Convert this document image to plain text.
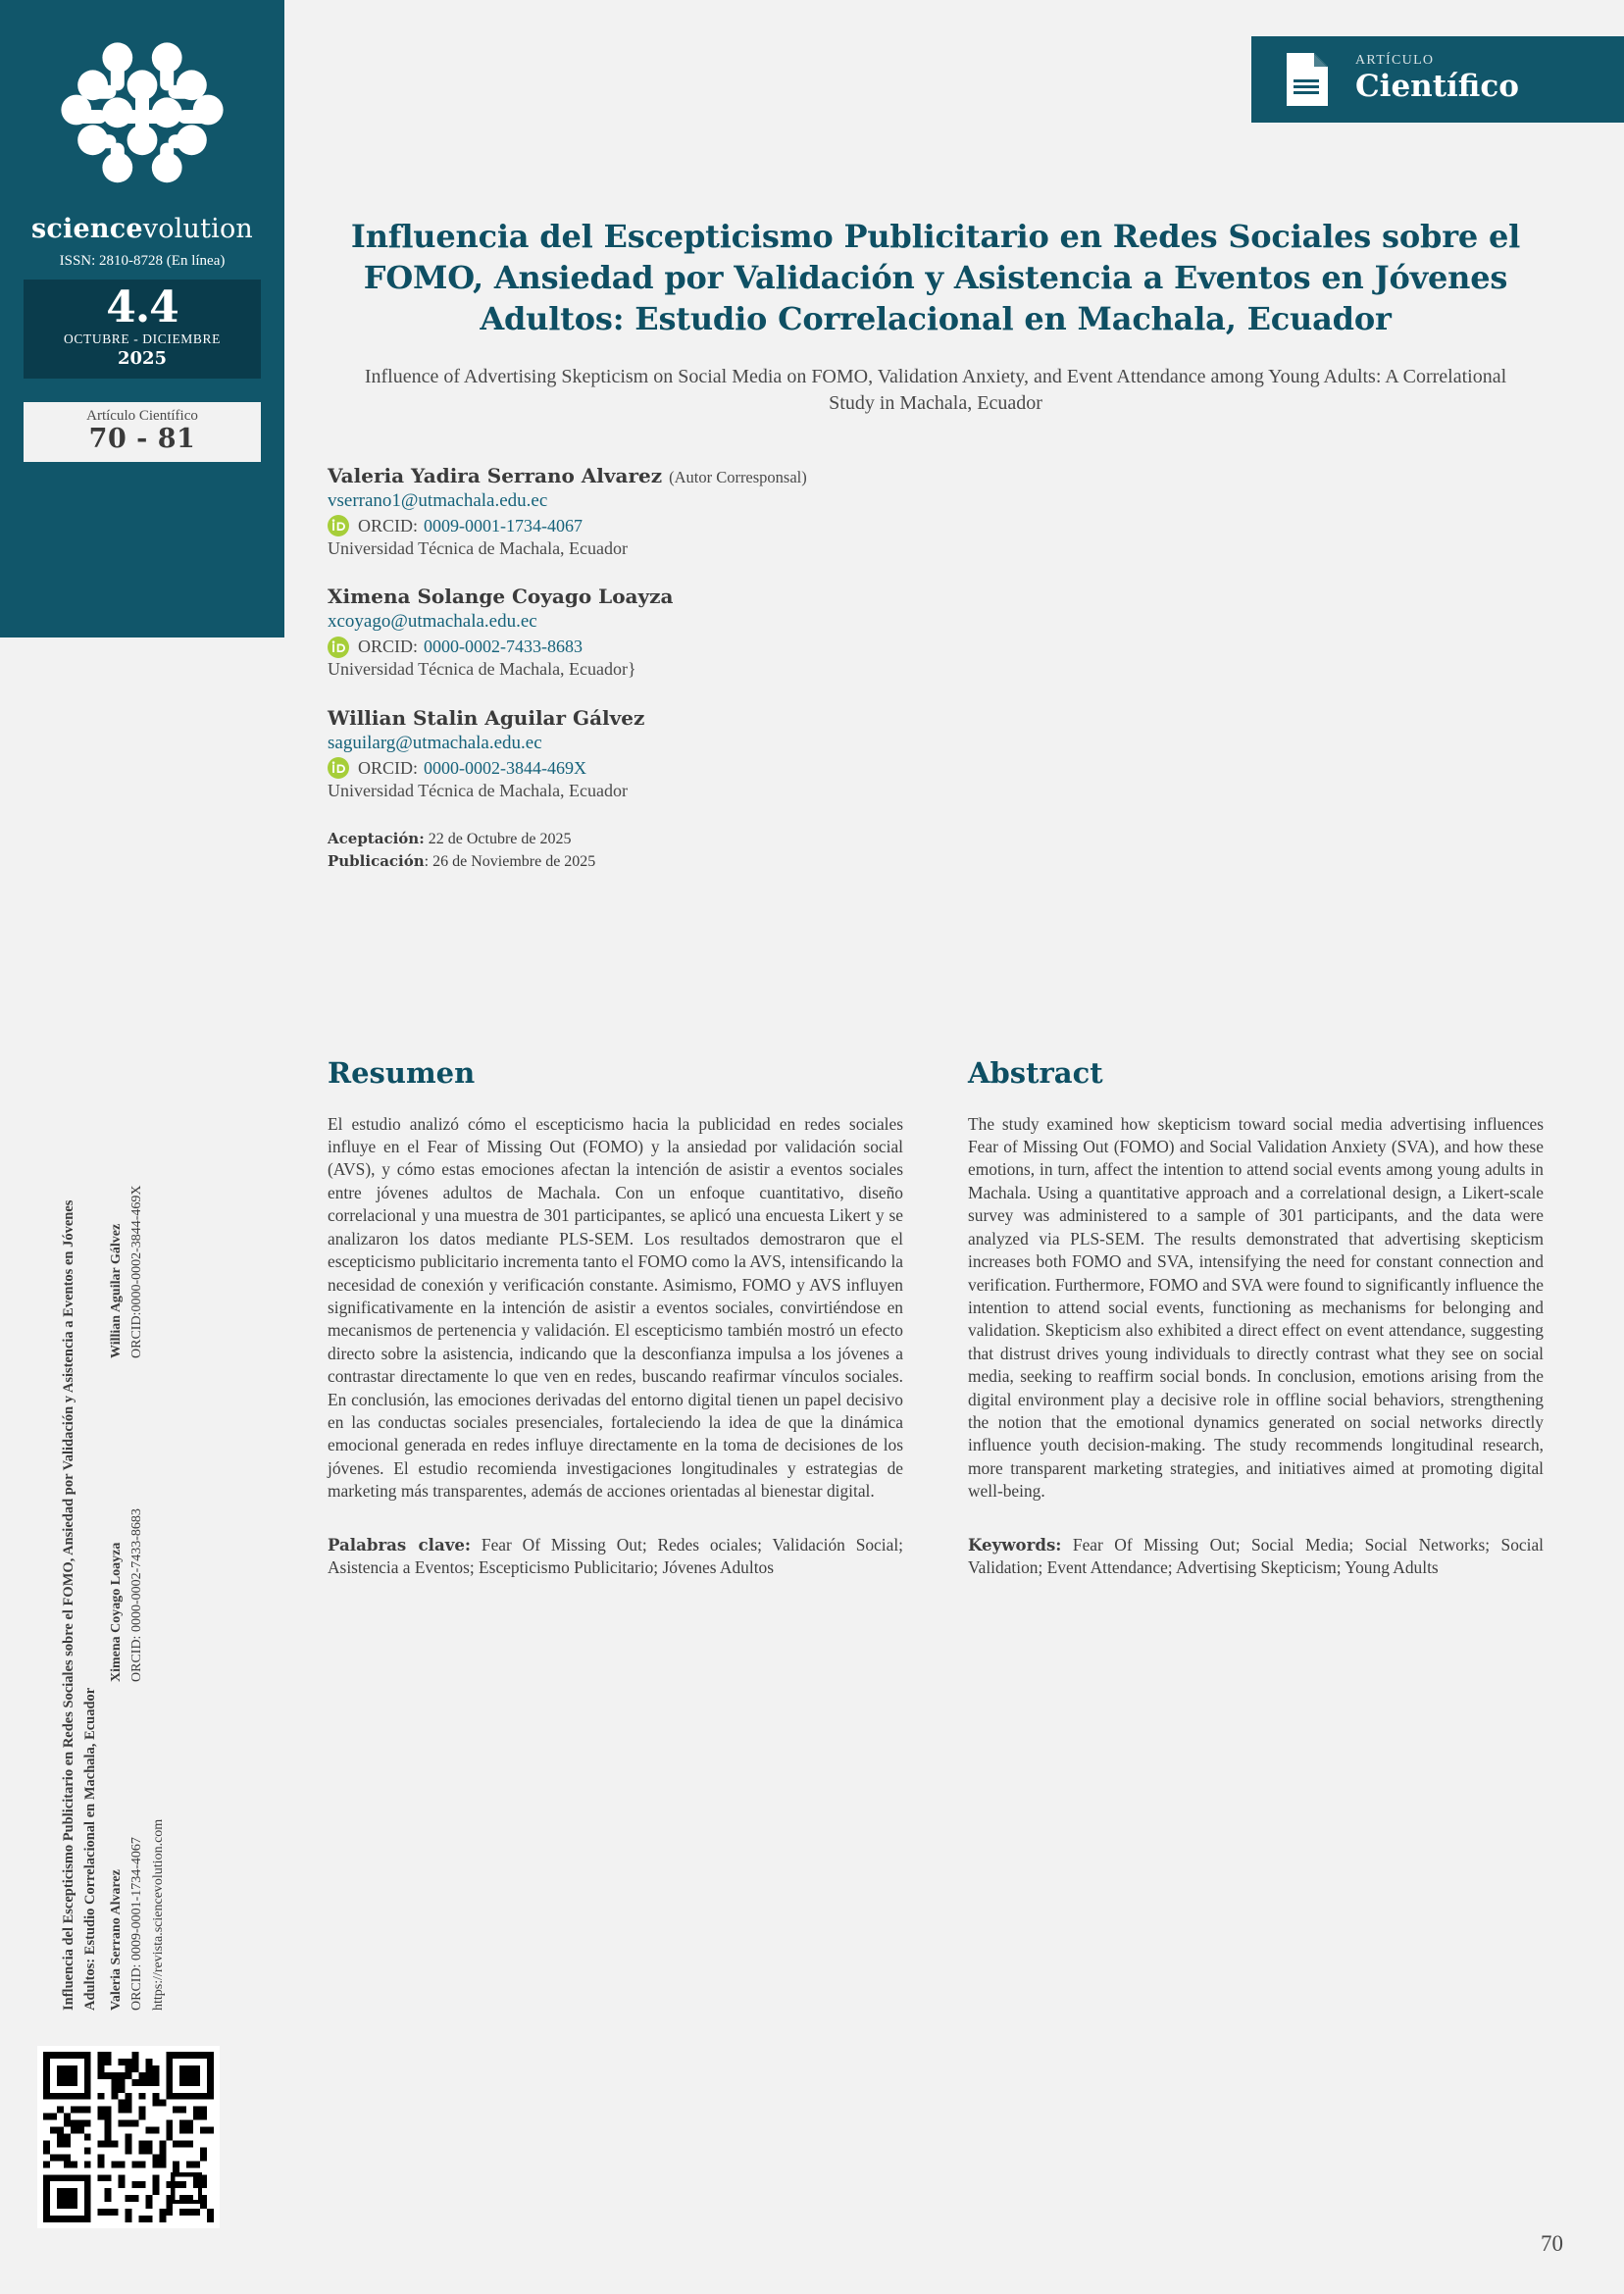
sciencevolution
ISSN: 2810-8728 (En línea)
4.4
OCTUBRE - DICIEMBRE
2025
Artículo Científico
70 - 81
Influencia del Escepticismo Publicitario en Redes Sociales sobre el FOMO, Ansiedad por Validación y Asistencia a Eventos en Jóvenes Adultos: Estudio Correlacional en Machala, Ecuador Valeria Serrano Alvarez ORCID: 0009-0001-1734-4067
Ximena Coyago Loayza ORCID: 0000-0002-7433-8683
Willian Aguilar Gálvez ORCID:0000-0002-3844-469X
https://revista.sciencevolution.com
ARTÍCULO
Científico
Influencia del Escepticismo Publicitario en Redes Sociales sobre el FOMO, Ansiedad por Validación y Asistencia a Eventos en Jóvenes Adultos: Estudio Correlacional en Machala, Ecuador
Influence of Advertising Skepticism on Social Media on FOMO, Validation Anxiety, and Event Attendance among Young Adults: A Correlational Study in Machala, Ecuador
Valeria Yadira Serrano Alvarez (Autor Corresponsal)
vserrano1@utmachala.edu.ec
ORCID: 0009-0001-1734-4067
Universidad Técnica de Machala, Ecuador
Ximena Solange Coyago Loayza
xcoyago@utmachala.edu.ec
ORCID: 0000-0002-7433-8683
Universidad Técnica de Machala, Ecuador}
Willian Stalin Aguilar Gálvez
saguilarg@utmachala.edu.ec
ORCID: 0000-0002-3844-469X
Universidad Técnica de Machala, Ecuador
Aceptación: 22 de Octubre de 2025
Publicación: 26 de Noviembre de 2025
Resumen
El estudio analizó cómo el escepticismo hacia la publicidad en redes sociales influye en el Fear of Missing Out (FOMO) y la ansiedad por validación social (AVS), y cómo estas emociones afectan la intención de asistir a eventos sociales entre jóvenes adultos de Machala. Con un enfoque cuantitativo, diseño correlacional y una muestra de 301 participantes, se aplicó una encuesta Likert y se analizaron los datos mediante PLS-SEM. Los resultados demostraron que el escepticismo publicitario incrementa tanto el FOMO como la AVS, intensificando la necesidad de conexión y verificación constante. Asimismo, FOMO y AVS influyen significativamente en la intención de asistir a eventos sociales, convirtiéndose en mecanismos de pertenencia y validación. El escepticismo también mostró un efecto directo sobre la asistencia, indicando que la desconfianza impulsa a los jóvenes a contrastar directamente lo que ven en redes, buscando reafirmar vínculos sociales. En conclusión, las emociones derivadas del entorno digital tienen un papel decisivo en las conductas sociales presenciales, fortaleciendo la idea de que la dinámica emocional generada en redes influye directamente en la toma de decisiones de los jóvenes. El estudio recomienda investigaciones longitudinales y estrategias de marketing más transparentes, además de acciones orientadas al bienestar digital.
Palabras clave: Fear Of Missing Out; Redes ociales; Validación Social; Asistencia a Eventos; Escepticismo Publicitario; Jóvenes Adultos
Abstract
The study examined how skepticism toward social media advertising influences Fear of Missing Out (FOMO) and Social Validation Anxiety (SVA), and how these emotions, in turn, affect the intention to attend social events among young adults in Machala. Using a quantitative approach and a correlational design, a Likert-scale survey was administered to a sample of 301 participants, and the data were analyzed via PLS-SEM. The results demonstrated that advertising skepticism increases both FOMO and SVA, intensifying the need for constant connection and verification. Furthermore, FOMO and SVA were found to significantly influence the intention to attend social events, functioning as mechanisms for belonging and validation. Skepticism also exhibited a direct effect on event attendance, suggesting that distrust drives young individuals to directly contrast what they see on social media, seeking to reaffirm social bonds. In conclusion, emotions arising from the digital environment play a decisive role in offline social behaviors, strengthening the notion that the emotional dynamics generated on social networks directly influence youth decision-making. The study recommends longitudinal research, more transparent marketing strategies, and initiatives aimed at promoting digital well-being.
Keywords: Fear Of Missing Out; Social Media; Social Networks; Social Validation; Event Attendance; Advertising Skepticism; Young Adults
70
